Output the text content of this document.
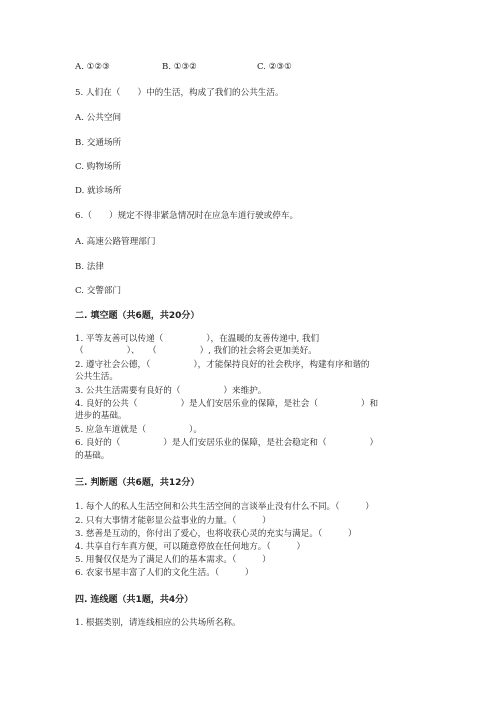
A. ①②③	B. ①③②	C. ②③①
5. 人们在（　　）中的生活，构成了我们的公共生活。
A. 公共空间
B. 交通场所
C. 购物场所
D. 就诊场所
6.（　　）规定不得非紧急情况时在应急车道行驶或停车。
A. 高速公路管理部门
B. 法律
C. 交警部门
二. 填空题（共6题，共20分）
1. 平等友善可以传递（　　　　　），在温暖的友善传递中, 我们
（　　　　　）、　　（　　　　　）, 我们的社会将会更加美好。
2. 遵守社会公德，（　　　　　），才能保持良好的社会秩序，构建有序和谐的
公共生活。
3. 公共生活需要有良好的（　　　　　）来维护。
4. 良好的公共（　　　　　）是人们安居乐业的保障，是社会（　　　　　）和
进步的基础。
5. 应急车道就是（　　　　　）。
6. 良好的（　　　　　）是人们安居乐业的保障，是社会稳定和（　　　　　）
的基础。
三. 判断题（共6题，共12分）
1. 每个人的私人生活空间和公共生活空间的言谈举止没有什么不同。（　　　）
2. 只有大事情才能彰显公益事业的力量。（　　　）
3. 慈善是互动的，你付出了爱心，也将收获心灵的充实与满足。（　　　）
4. 共享自行车真方便，可以随意停放在任何地方。（　　　）
5. 用餐仅仅是为了满足人们的基本需求。（　　　）
6. 农家书屋丰富了人们的文化生活。（　　　）
四. 连线题（共1题，共4分）
1. 根据类别，请连线相应的公共场所名称。
